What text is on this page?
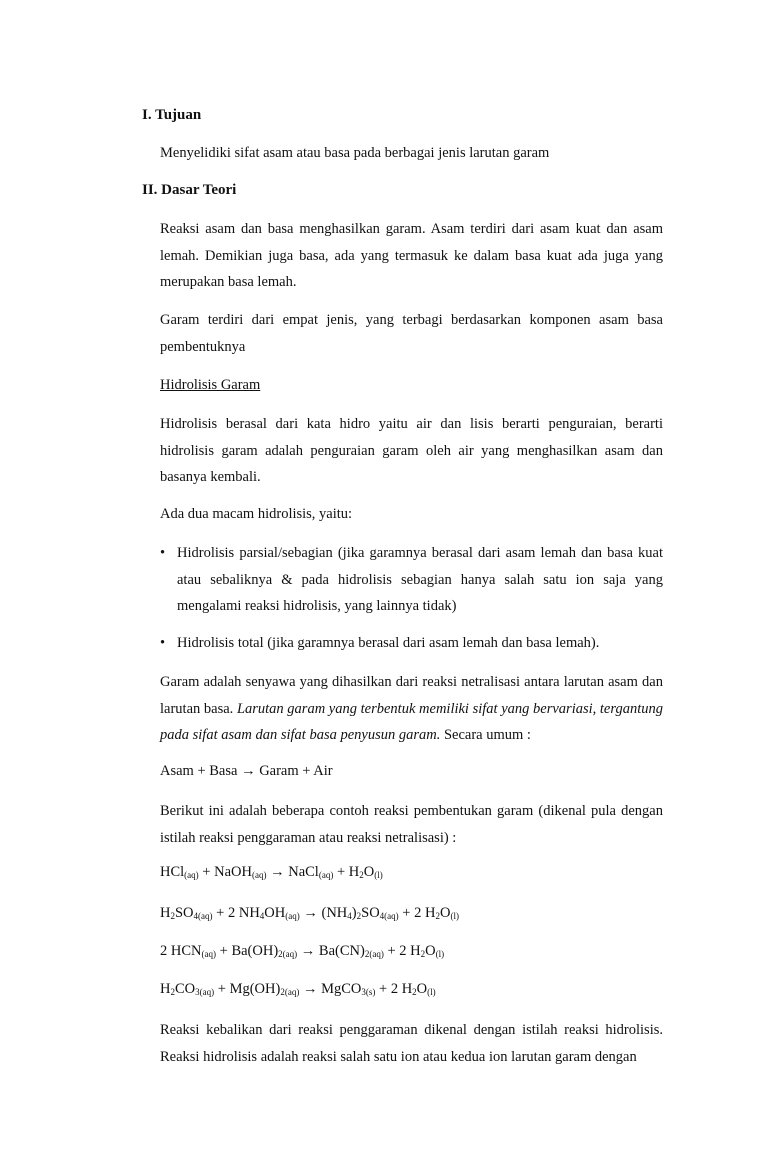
I. Tujuan
Menyelidiki sifat asam atau basa pada berbagai jenis larutan garam
II. Dasar Teori
Reaksi asam dan basa menghasilkan garam. Asam terdiri dari asam kuat dan asam lemah. Demikian juga basa, ada yang termasuk ke dalam basa kuat ada juga yang merupakan basa lemah.
Garam terdiri dari empat jenis, yang terbagi berdasarkan komponen asam basa pembentuknya
Hidrolisis Garam
Hidrolisis berasal dari kata hidro yaitu air dan lisis berarti penguraian, berarti hidrolisis garam adalah penguraian garam oleh air yang menghasilkan asam dan basanya kembali.
Ada dua macam hidrolisis, yaitu:
• Hidrolisis parsial/sebagian (jika garamnya berasal dari asam lemah dan basa kuat atau sebaliknya & pada hidrolisis sebagian hanya salah satu ion saja yang mengalami reaksi hidrolisis, yang lainnya tidak)
• Hidrolisis total (jika garamnya berasal dari asam lemah dan basa lemah).
Garam adalah senyawa yang dihasilkan dari reaksi netralisasi antara larutan asam dan larutan basa. Larutan garam yang terbentuk memiliki sifat yang bervariasi, tergantung pada sifat asam dan sifat basa penyusun garam. Secara umum :
Asam + Basa → Garam + Air
Berikut ini adalah beberapa contoh reaksi pembentukan garam (dikenal pula dengan istilah reaksi penggaraman atau reaksi netralisasi) :
HCl$_{(aq)}$ + NaOH$_{(aq)}$ → NaCl$_{(aq)}$ + $H_2O_{(l)}$
$H_2SO_{4(aq)} + 2$ $NH_4OH_{(aq)} \to (NH_4)_2SO_{4(aq)} + 2$ $H_2O_{(l)}$
2 $HCN_{(aq)} + Ba(OH)_{2(aq)} \to Ba(CN)_{2(aq)} + 2$ $H_2O_{(l)}$
$H_2CO_{3(aq)} + Mg(OH)_{2(aq)}$ → MgCO$_{3(s)}$ + 2 $H_2O_{(l)}$
Reaksi kebalikan dari reaksi penggaraman dikenal dengan istilah reaksi hidrolisis. Reaksi hidrolisis adalah reaksi salah satu ion atau kedua ion larutan garam dengan
